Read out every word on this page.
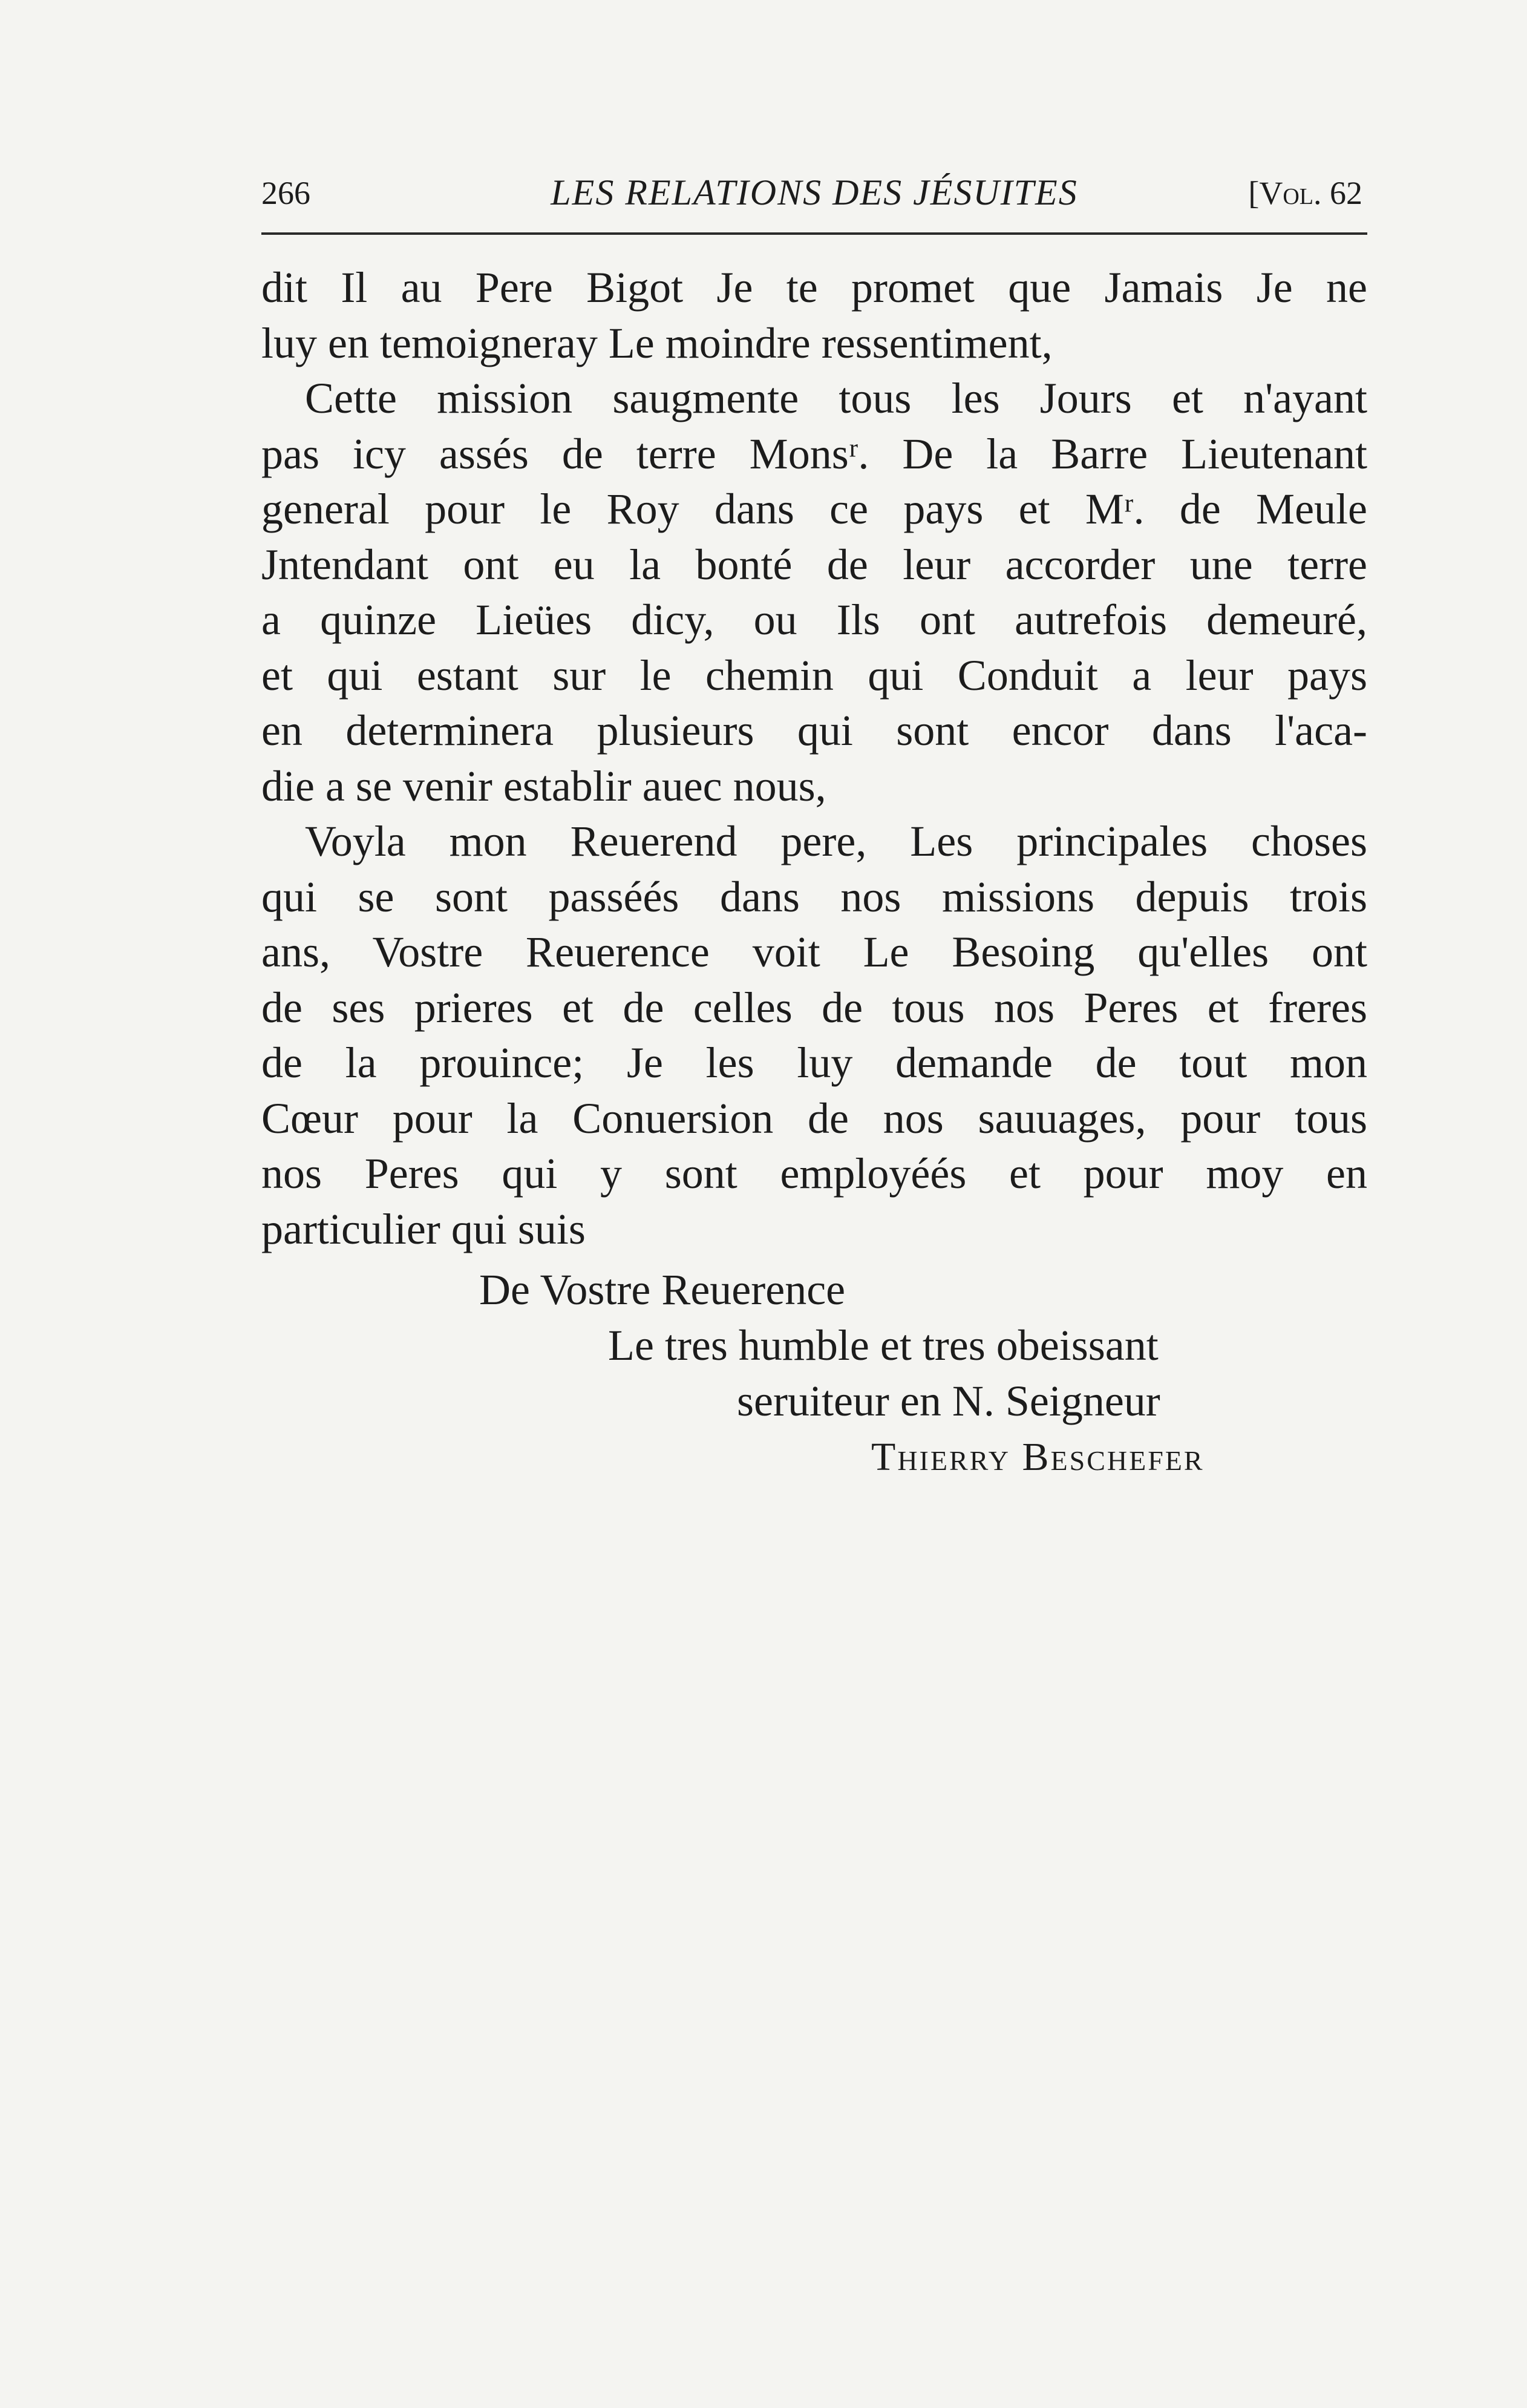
266	LES RELATIONS DES JÉSUITES	[Vol. 62
dit Il au Pere Bigot Je te promet que Jamais Je ne
luy en temoigneray Le moindre ressentiment,
Cette mission saugmente tous les Jours et n'ayant
pas icy assés de terre Monsʳ. De la Barre Lieutenant
general pour le Roy dans ce pays et Mʳ. de Meule
Jntendant ont eu la bonté de leur accorder une terre
a quinze Lieües dicy, ou Ils ont autrefois demeuré,
et qui estant sur le chemin qui Conduit a leur pays
en determinera plusieurs qui sont encor dans l'aca-
die a se venir establir auec nous,
Voyla mon Reuerend pere, Les principales choses
qui se sont passéés dans nos missions depuis trois
ans, Vostre Reuerence voit Le Besoing qu'elles ont
de ses prieres et de celles de tous nos Peres et freres
de la prouince; Je les luy demande de tout mon
Cœur pour la Conuersion de nos sauuages, pour tous
nos Peres qui y sont employéés et pour moy en
particulier qui suis
De Vostre Reuerence
Le tres humble et tres obeissant
seruiteur en N. Seigneur
Thierry Beschefer
